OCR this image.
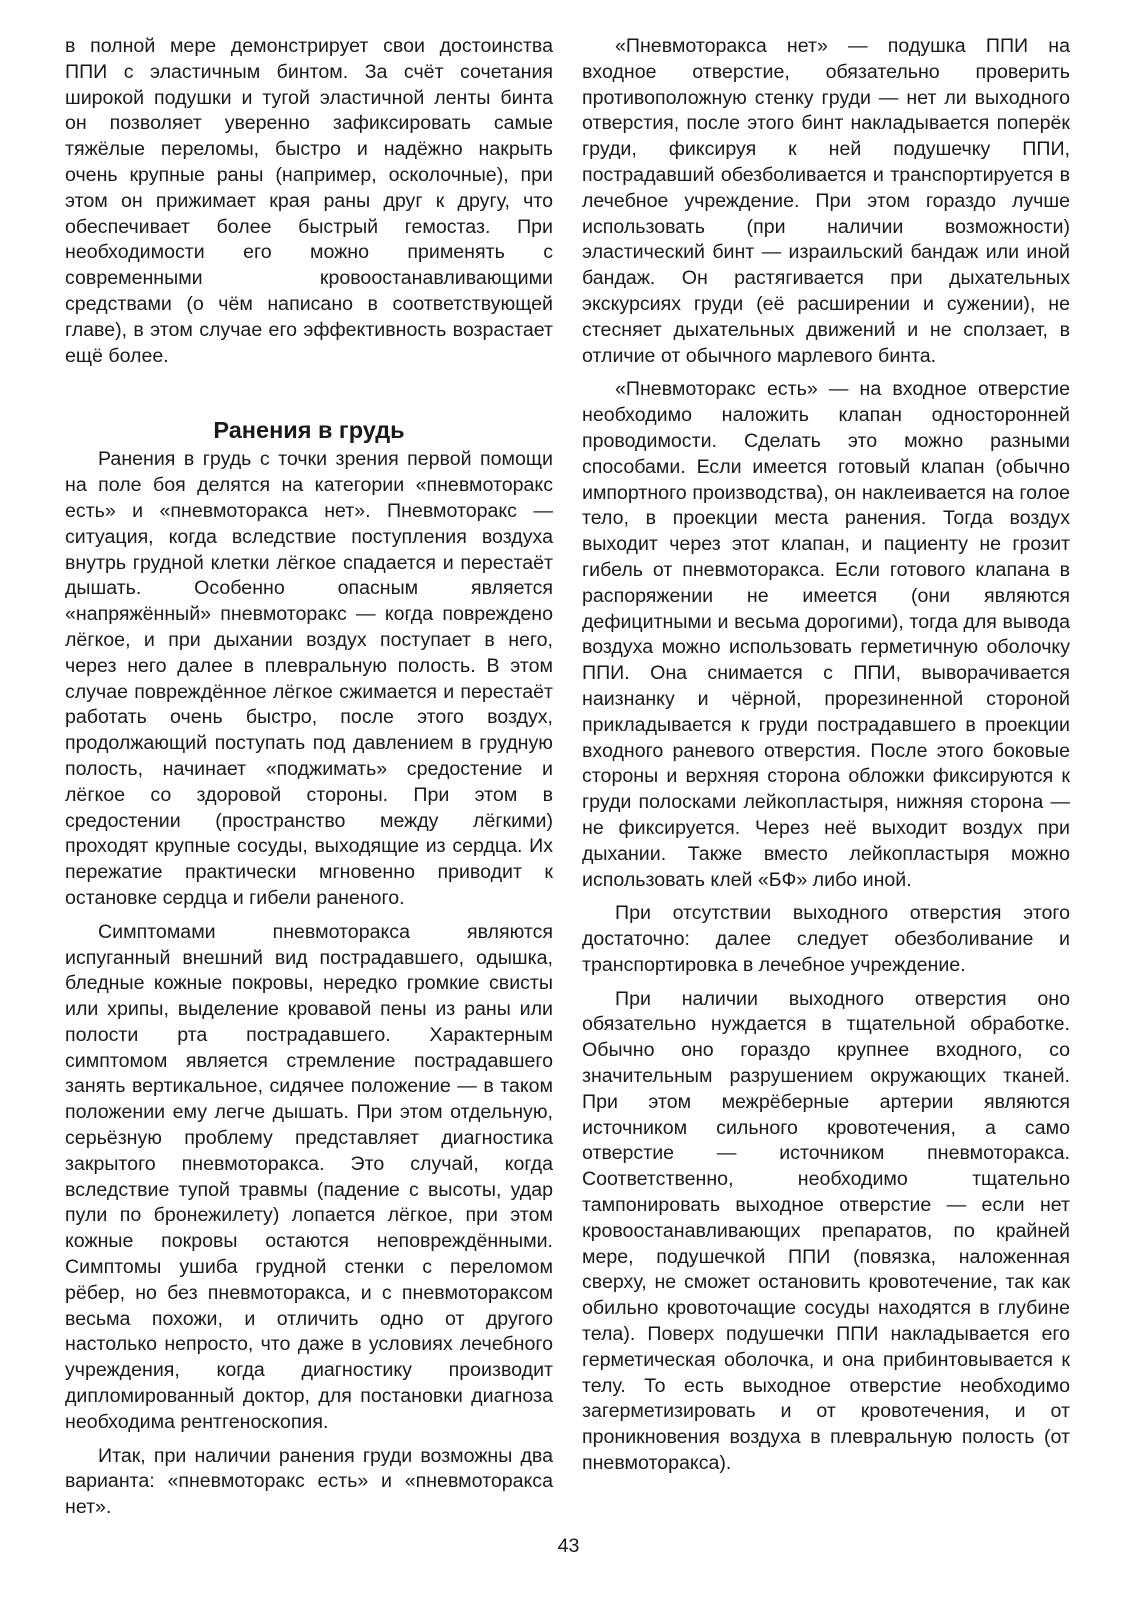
в полной мере демонстрирует свои достоинства ППИ с эластичным бинтом. За счёт сочетания широкой подушки и тугой эластичной ленты бинта он позволяет уверенно зафиксировать самые тяжёлые переломы, быстро и надёжно накрыть очень крупные раны (например, осколочные), при этом он прижимает края раны друг к другу, что обеспечивает более быстрый гемостаз. При необходимости его можно применять с современными кровоостанавливающими средствами (о чём написано в соответствующей главе), в этом случае его эффективность возрастает ещё более.

Ранения в грудь

Ранения в грудь с точки зрения первой помощи на поле боя делятся на категории «пневмоторакс есть» и «пневмоторакса нет». Пневмоторакс — ситуация, когда вследствие поступления воздуха внутрь грудной клетки лёгкое спадается и перестаёт дышать. Особенно опасным является «напряжённый» пневмоторакс — когда повреждено лёгкое, и при дыхании воздух поступает в него, через него далее в плевральную полость. В этом случае повреждённое лёгкое сжимается и перестаёт работать очень быстро, после этого воздух, продолжающий поступать под давлением в грудную полость, начинает «поджимать» средостение и лёгкое со здоровой стороны. При этом в средостении (пространство между лёгкими) проходят крупные сосуды, выходящие из сердца. Их пережатие практически мгновенно приводит к остановке сердца и гибели раненого.

Симптомами пневмоторакса являются испуганный внешний вид пострадавшего, одышка, бледные кожные покровы, нередко громкие свисты или хрипы, выделение кровавой пены из раны или полости рта пострадавшего. Характерным симптомом является стремление пострадавшего занять вертикальное, сидячее положение — в таком положении ему легче дышать. При этом отдельную, серьёзную проблему представляет диагностика закрытого пневмоторакса. Это случай, когда вследствие тупой травмы (падение с высоты, удар пули по бронежилету) лопается лёгкое, при этом кожные покровы остаются неповреждёнными. Симптомы ушиба грудной стенки с переломом рёбер, но без пневмоторакса, и с пневмотораксом весьма похожи, и отличить одно от другого настолько непросто, что даже в условиях лечебного учреждения, когда диагностику производит дипломированный доктор, для постановки диагноза необходима рентгеноскопия.

Итак, при наличии ранения груди возможны два варианта: «пневмоторакс есть» и «пневмоторакса нет».

«Пневмоторакса нет» — подушка ППИ на входное отверстие, обязательно проверить противоположную стенку груди — нет ли выходного отверстия, после этого бинт накладывается поперёк груди, фиксируя к ней подушечку ППИ, пострадавший обезболивается и транспортируется в лечебное учреждение. При этом гораздо лучше использовать (при наличии возможности) эластический бинт — израильский бандаж или иной бандаж. Он растягивается при дыхательных экскурсиях груди (её расширении и сужении), не стесняет дыхательных движений и не сползает, в отличие от обычного марлевого бинта.

«Пневмоторакс есть» — на входное отверстие необходимо наложить клапан односторонней проводимости. Сделать это можно разными способами. Если имеется готовый клапан (обычно импортного производства), он наклеивается на голое тело, в проекции места ранения. Тогда воздух выходит через этот клапан, и пациенту не грозит гибель от пневмоторакса. Если готового клапана в распоряжении не имеется (они являются дефицитными и весьма дорогими), тогда для вывода воздуха можно использовать герметичную оболочку ППИ. Она снимается с ППИ, выворачивается наизнанку и чёрной, прорезиненной стороной прикладывается к груди пострадавшего в проекции входного раневого отверстия. После этого боковые стороны и верхняя сторона обложки фиксируются к груди полосками лейкопластыря, нижняя сторона — не фиксируется. Через неё выходит воздух при дыхании. Также вместо лейкопластыря можно использовать клей «БФ» либо иной.

При отсутствии выходного отверстия этого достаточно: далее следует обезболивание и транспортировка в лечебное учреждение.

При наличии выходного отверстия оно обязательно нуждается в тщательной обработке. Обычно оно гораздо крупнее входного, со значительным разрушением окружающих тканей. При этом межрёберные артерии являются источником сильного кровотечения, а само отверстие — источником пневмоторакса. Соответственно, необходимо тщательно тампонировать выходное отверстие — если нет кровоостанавливающих препаратов, по крайней мере, подушечкой ППИ (повязка, наложенная сверху, не сможет остановить кровотечение, так как обильно кровоточащие сосуды находятся в глубине тела). Поверх подушечки ППИ накладывается его герметическая оболочка, и она прибинтовывается к телу. То есть выходное отверстие необходимо загерметизировать и от кровотечения, и от проникновения воздуха в плевральную полость (от пневмоторакса).

43
